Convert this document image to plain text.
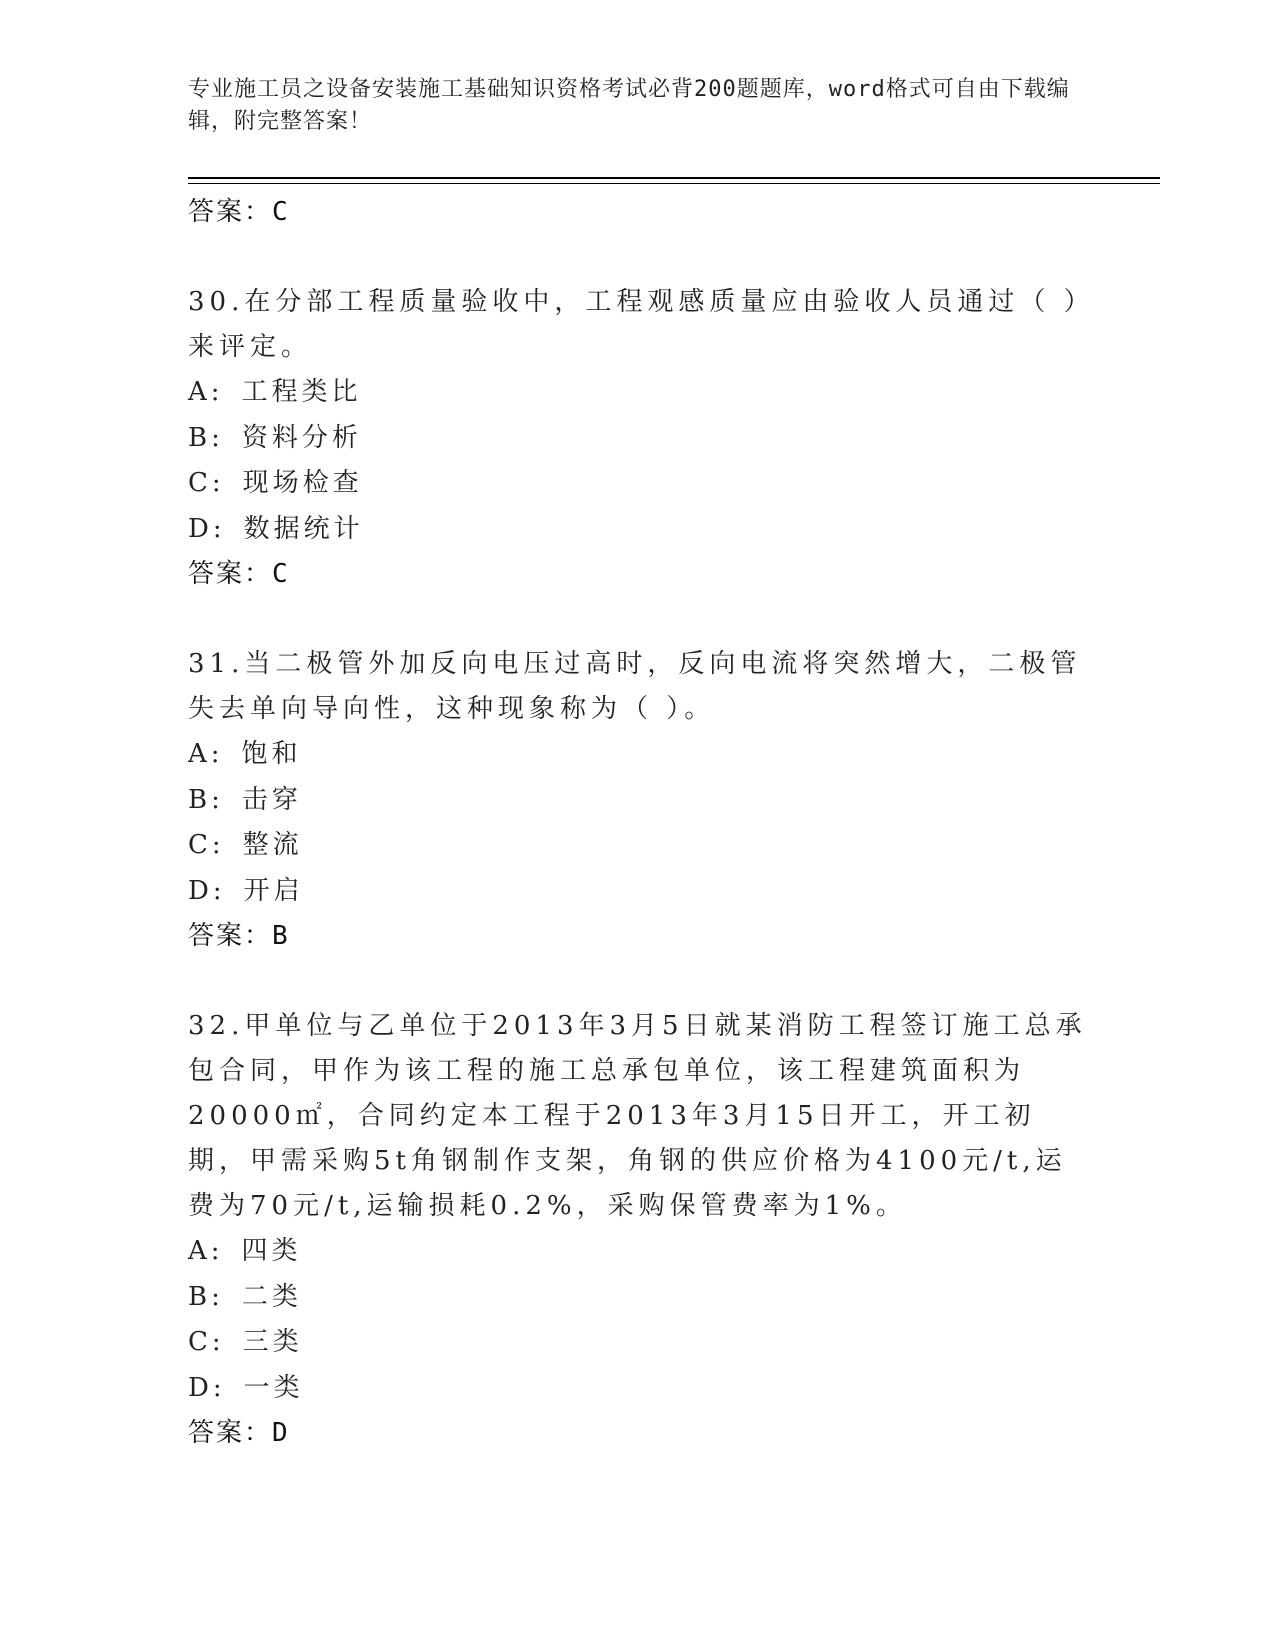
专业施工员之设备安装施工基础知识资格考试必背200题题库，word格式可自由下载编辑，附完整答案！
答案：C
30.在分部工程质量验收中，工程观感质量应由验收人员通过（ ）来评定。
A: 工程类比
B: 资料分析
C: 现场检查
D: 数据统计
答案：C
31.当二极管外加反向电压过高时，反向电流将突然增大，二极管失去单向导向性，这种现象称为（ ）。
A: 饱和
B: 击穿
C: 整流
D: 开启
答案：B
32.甲单位与乙单位于2013年3月5日就某消防工程签订施工总承包合同，甲作为该工程的施工总承包单位，该工程建筑面积为20000㎡，合同约定本工程于2013年3月15日开工，开工初期，甲需采购5t角钢制作支架，角钢的供应价格为4100元/t,运费为70元/t,运输损耗0.2%，采购保管费率为1%。
A: 四类
B: 二类
C: 三类
D: 一类
答案：D
